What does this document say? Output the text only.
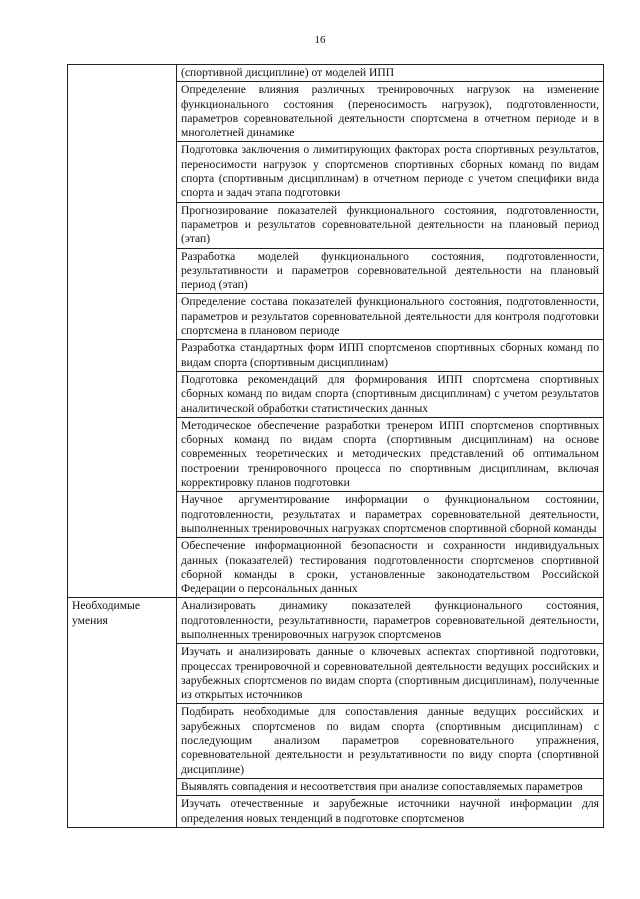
16
	(спортивной дисциплине) от моделей ИПП
	Определение влияния различных тренировочных нагрузок на изменение функционального состояния (переносимость нагрузок), подготовленности, параметров соревновательной деятельности спортсмена в отчетном периоде и в многолетней динамике
	Подготовка заключения о лимитирующих факторах роста спортивных результатов, переносимости нагрузок у спортсменов спортивных сборных команд по видам спорта (спортивным дисциплинам) в отчетном периоде с учетом специфики вида спорта и задач этапа подготовки
	Прогнозирование показателей функционального состояния, подготовленности, параметров и результатов соревновательной деятельности на плановый период (этап)
	Разработка моделей функционального состояния, подготовленности, результативности и параметров соревновательной деятельности на плановый период (этап)
	Определение состава показателей функционального состояния, подготовленности, параметров и результатов соревновательной деятельности для контроля подготовки спортсмена в плановом периоде
	Разработка стандартных форм ИПП спортсменов спортивных сборных команд по видам спорта (спортивным дисциплинам)
	Подготовка рекомендаций для формирования ИПП спортсмена спортивных сборных команд по видам спорта (спортивным дисциплинам) с учетом результатов аналитической обработки статистических данных
	Методическое обеспечение разработки тренером ИПП спортсменов спортивных сборных команд по видам спорта (спортивным дисциплинам) на основе современных теоретических и методических представлений об оптимальном построении тренировочного процесса по спортивным дисциплинам, включая корректировку планов подготовки
	Научное аргументирование информации о функциональном состоянии, подготовленности, результатах и параметрах соревновательной деятельности, выполненных тренировочных нагрузках спортсменов спортивной сборной команды
	Обеспечение информационной безопасности и сохранности индивидуальных данных (показателей) тестирования подготовленности спортсменов спортивной сборной команды в сроки, установленные законодательством Российской Федерации о персональных данных
Необходимые умения	Анализировать динамику показателей функционального состояния, подготовленности, результативности, параметров соревновательной деятельности, выполненных тренировочных нагрузок спортсменов
	Изучать и анализировать данные о ключевых аспектах спортивной подготовки, процессах тренировочной и соревновательной деятельности ведущих российских и зарубежных спортсменов по видам спорта (спортивным дисциплинам), полученные из открытых источников
	Подбирать необходимые для сопоставления данные ведущих российских и зарубежных спортсменов по видам спорта (спортивным дисциплинам) с последующим анализом параметров соревновательного упражнения, соревновательной деятельности и результативности по виду спорта (спортивной дисциплине)
	Выявлять совпадения и несоответствия при анализе сопоставляемых параметров
	Изучать отечественные и зарубежные источники научной информации для определения новых тенденций в подготовке спортсменов
